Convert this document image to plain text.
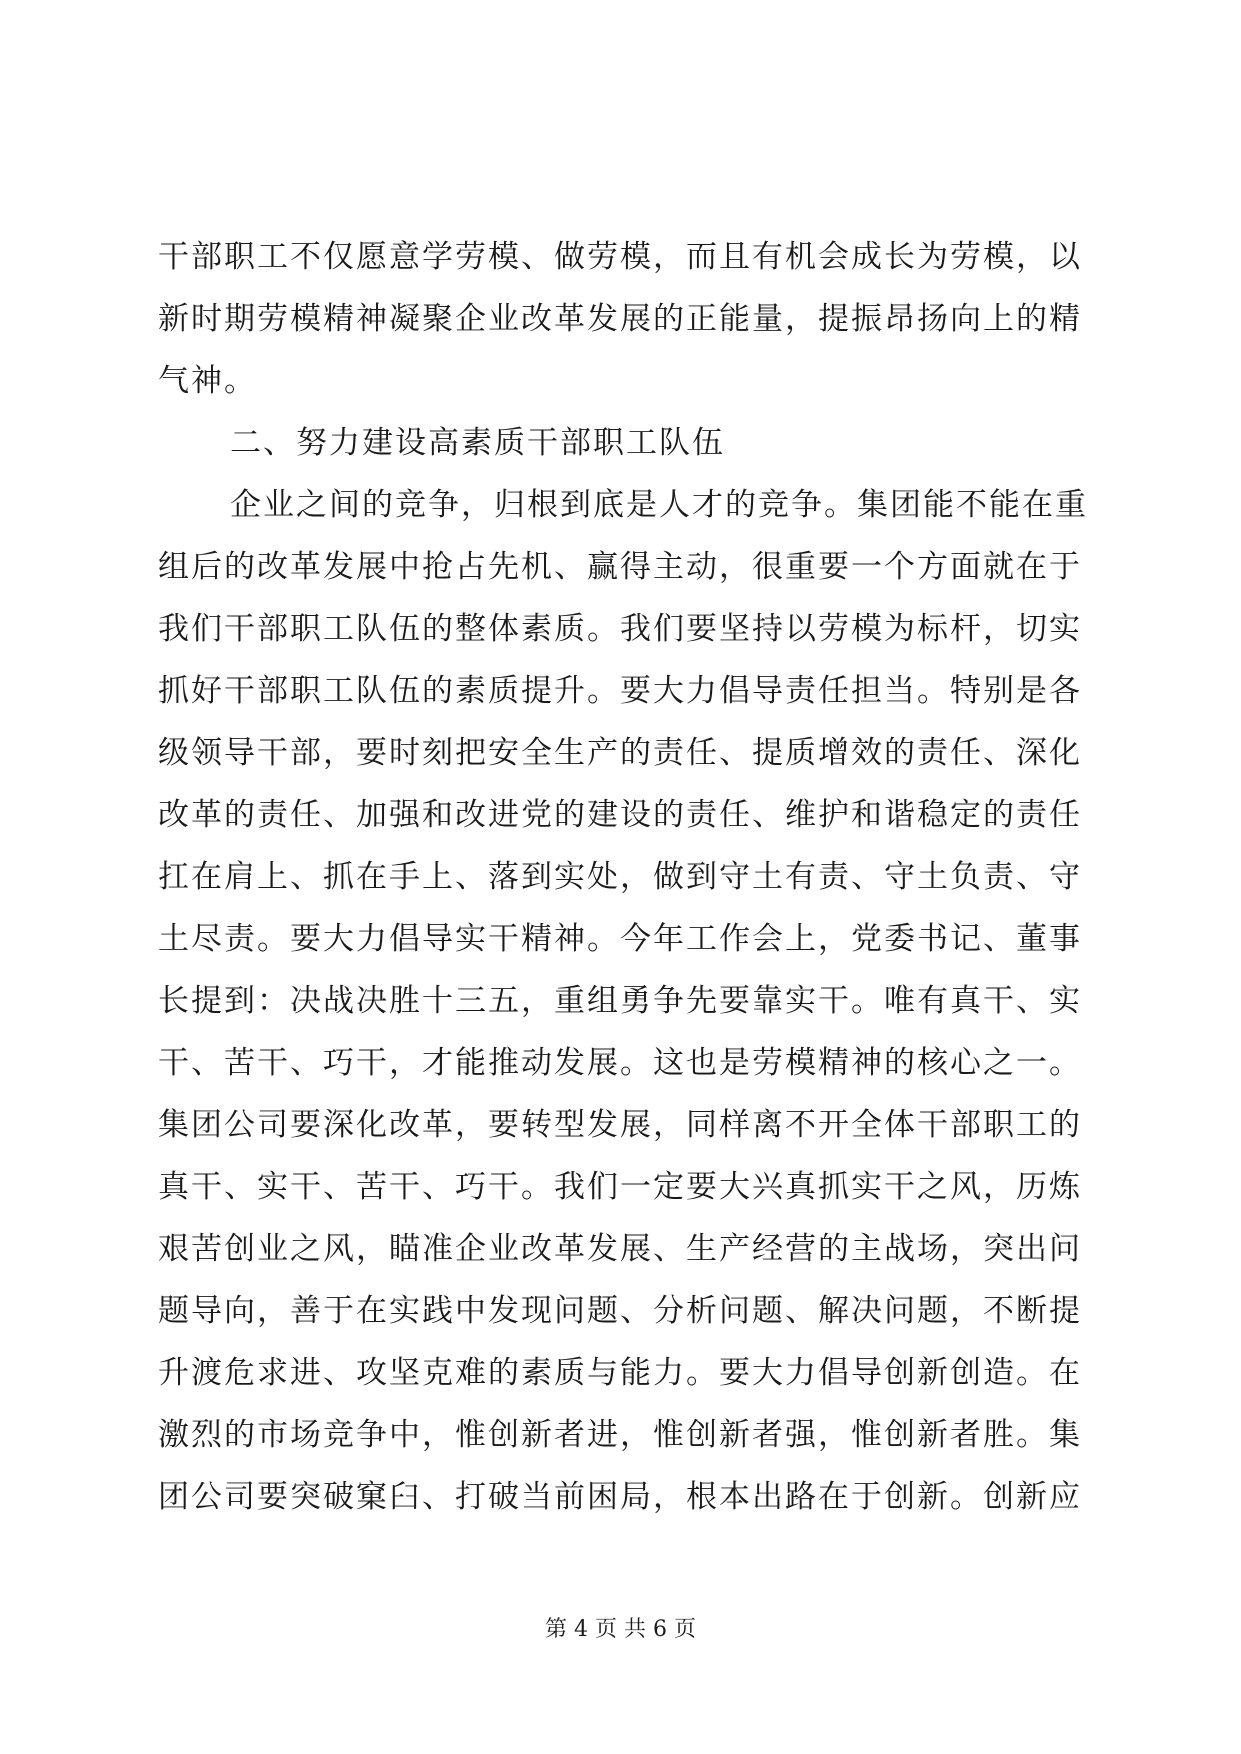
干部职工不仅愿意学劳模、做劳模，而且有机会成长为劳模，以
新时期劳模精神凝聚企业改革发展的正能量，提振昂扬向上的精
气神。
二、努力建设高素质干部职工队伍
企业之间的竞争，归根到底是人才的竞争。集团能不能在重
组后的改革发展中抢占先机、赢得主动，很重要一个方面就在于
我们干部职工队伍的整体素质。我们要坚持以劳模为标杆，切实
抓好干部职工队伍的素质提升。要大力倡导责任担当。特别是各
级领导干部，要时刻把安全生产的责任、提质增效的责任、深化
改革的责任、加强和改进党的建设的责任、维护和谐稳定的责任
扛在肩上、抓在手上、落到实处，做到守土有责、守土负责、守
土尽责。要大力倡导实干精神。今年工作会上，党委书记、董事
长提到：决战决胜十三五，重组勇争先要靠实干。唯有真干、实
干、苦干、巧干，才能推动发展。这也是劳模精神的核心之一。
集团公司要深化改革，要转型发展，同样离不开全体干部职工的
真干、实干、苦干、巧干。我们一定要大兴真抓实干之风，历炼
艰苦创业之风，瞄准企业改革发展、生产经营的主战场，突出问
题导向，善于在实践中发现问题、分析问题、解决问题，不断提
升渡危求进、攻坚克难的素质与能力。要大力倡导创新创造。在
激烈的市场竞争中，惟创新者进，惟创新者强，惟创新者胜。集
团公司要突破窠臼、打破当前困局，根本出路在于创新。创新应
第 4 页 共 6 页
